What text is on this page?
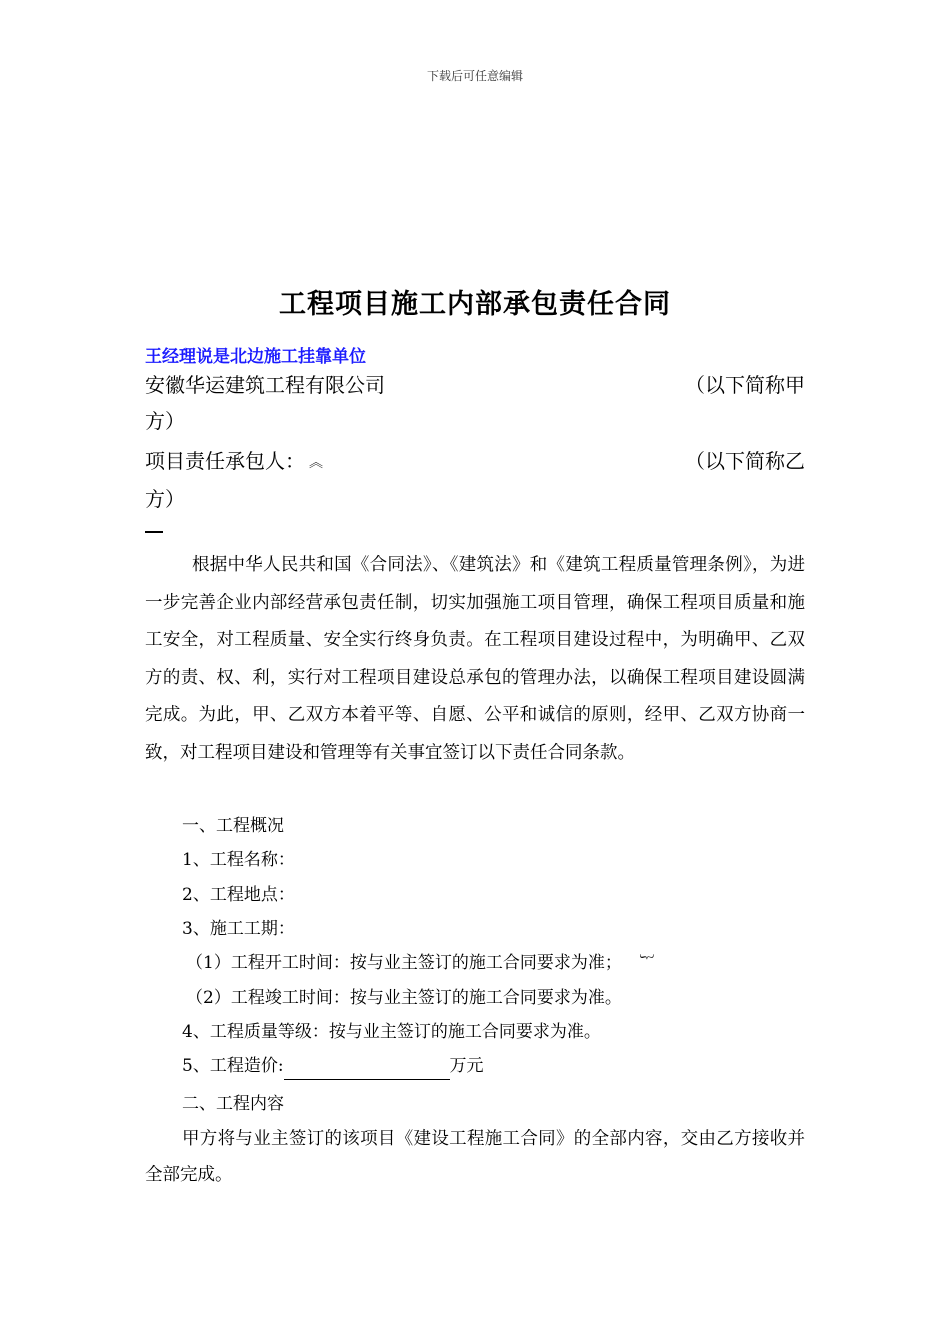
下载后可任意编辑
工程项目施工内部承包责任合同
王经理说是北边施工挂靠单位
安徽华运建筑工程有限公司	（以下简称甲
方）
项目责任承包人： ︽	（以下简称乙
方）
根据中华人民共和国《合同法》、《建筑法》和《建筑工程质量管理条例》，为进一步完善企业内部经营承包责任制，切实加强施工项目管理，确保工程项目质量和施工安全，对工程质量、安全实行终身负责。在工程项目建设过程中，为明确甲、乙双方的责、权、利，实行对工程项目建设总承包的管理办法，以确保工程项目建设圆满完成。为此，甲、乙双方本着平等、自愿、公平和诚信的原则，经甲、乙双方协商一致，对工程项目建设和管理等有关事宜签订以下责任合同条款。
一、工程概况
1、工程名称：
2、工程地点：
3、施工工期：
（1）工程开工时间：按与业主签订的施工合同要求为准； ︸
（2）工程竣工时间：按与业主签订的施工合同要求为准。
4、工程质量等级：按与业主签订的施工合同要求为准。
5、工程造价:	万元
二、工程内容
甲方将与业主签订的该项目《建设工程施工合同》的全部内容，交由乙方接收并全部完成。
